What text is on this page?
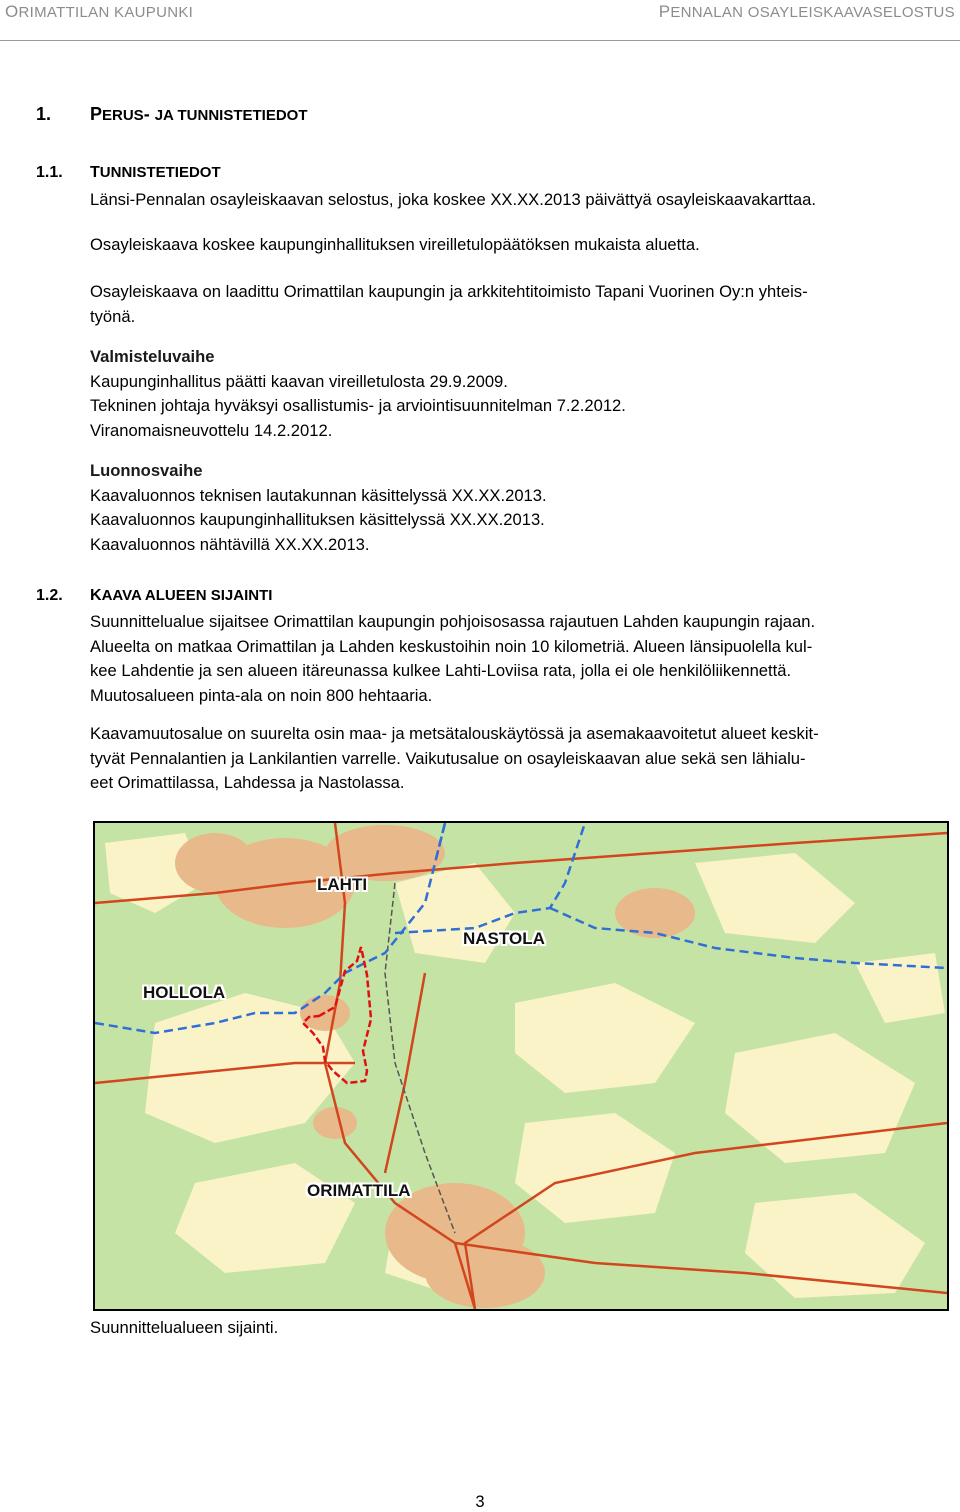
ORIMATTILAN KAUPUNKI	PENNALAN OSAYLEISKAAVASELOSTUS
1. PERUS- JA TUNNISTETIEDOT
1.1. TUNNISTETIEDOT
Länsi-Pennalan osayleiskaavan selostus, joka koskee XX.XX.2013 päivättyä osayleiskaavakarttaa.
Osayleiskaava koskee kaupunginhallituksen vireilletulopäätöksen mukaista aluetta.
Osayleiskaava on laadittu Orimattilan kaupungin ja arkkitehtitoimisto Tapani Vuorinen Oy:n yhteis-
työnä.
Valmisteluvaihe
Kaupunginhallitus päätti kaavan vireilletulosta 29.9.2009.
Tekninen johtaja hyväksyi osallistumis- ja arviointisuunnitelman 7.2.2012.
Viranomaisneuvottelu 14.2.2012.
Luonnosvaihe
Kaavaluonnos teknisen lautakunnan käsittelyssä XX.XX.2013.
Kaavaluonnos kaupunginhallituksen käsittelyssä XX.XX.2013.
Kaavaluonnos nähtävillä XX.XX.2013.
1.2. KAAVA ALUEEN SIJAINTI
Suunnittelualue sijaitsee Orimattilan kaupungin pohjoisosassa rajautuen Lahden kaupungin rajaan.
Alueelta on matkaa Orimattilan ja Lahden keskustoihin noin 10 kilometriä. Alueen länsipuolella kul-
kee Lahdentie ja sen alueen itäreunassa kulkee Lahti-Loviisa rata, jolla ei ole henkilöliikennettä.
Muutosalueen pinta-ala on noin 800 hehtaaria.
Kaavamuutosalue on suurelta osin maa- ja metsätalouskäytössä ja asemakaavoitetut alueet keskit-
tyvät Pennalantien ja Lankilantien varrelle. Vaikutusalue on osayleiskaavan alue sekä sen lähialu-
eet Orimattilassa, Lahdessa ja Nastolassa.
LAHTI
NASTOLA
HOLLOLA
ORIMATTILA
Suunnittelualueen sijainti.
3
